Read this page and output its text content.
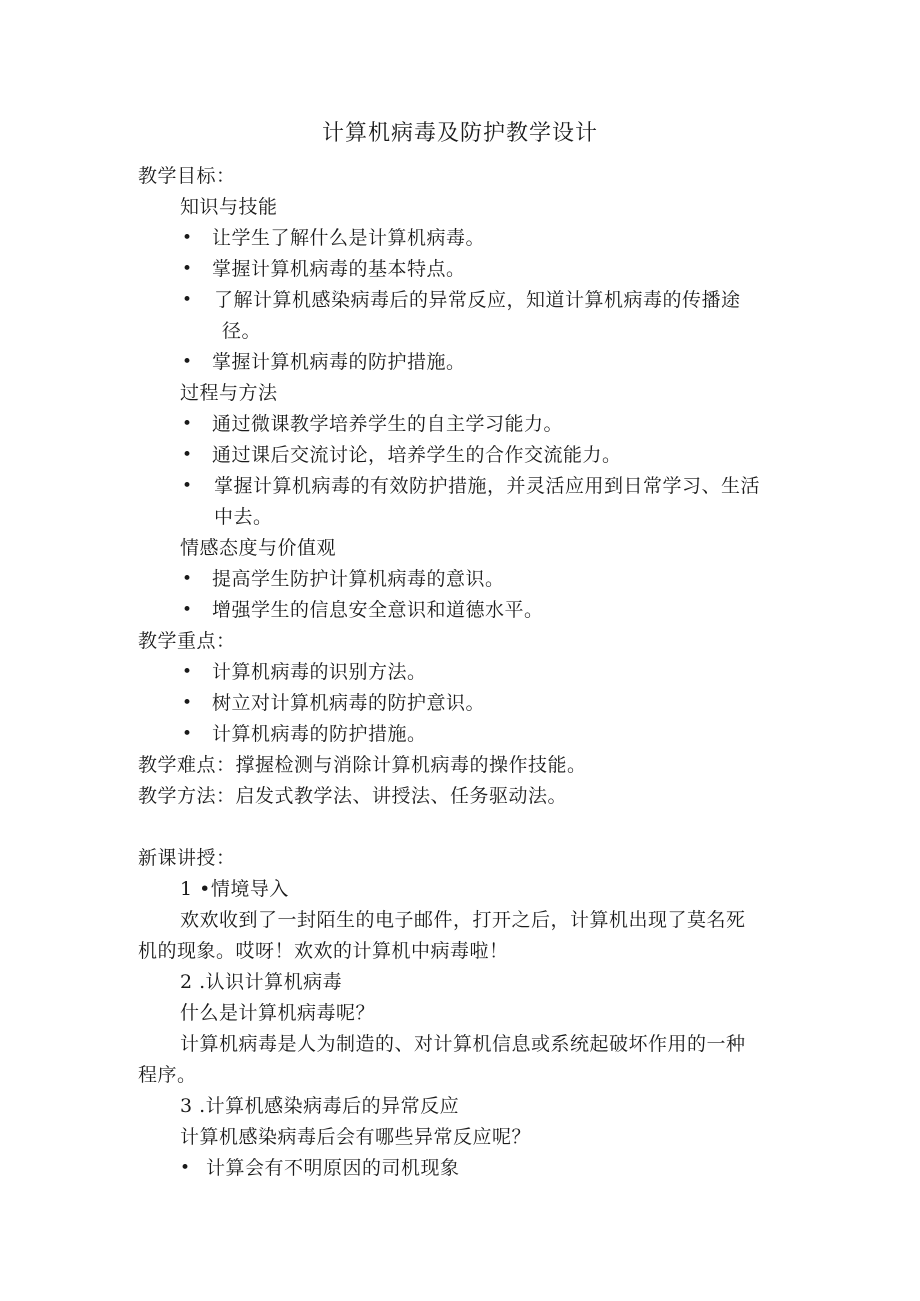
计算机病毒及防护教学设计
教学目标：
知识与技能
• 让学生了解什么是计算机病毒。
• 掌握计算机病毒的基本特点。
• 了解计算机感染病毒后的异常反应，知道计算机病毒的传播途
径。
• 掌握计算机病毒的防护措施。
过程与方法
• 通过微课教学培养学生的自主学习能力。
• 通过课后交流讨论，培养学生的合作交流能力。
• 掌握计算机病毒的有效防护措施，并灵活应用到日常学习、生活
中去。
情感态度与价值观
• 提高学生防护计算机病毒的意识。
• 增强学生的信息安全意识和道德水平。
教学重点：
• 计算机病毒的识别方法。
• 树立对计算机病毒的防护意识。
• 计算机病毒的防护措施。
教学难点：撑握检测与消除计算机病毒的操作技能。
教学方法：启发式教学法、讲授法、任务驱动法。
新课讲授：
1 •情境导入
欢欢收到了一封陌生的电子邮件，打开之后，计算机出现了莫名死
机的现象。哎呀！欢欢的计算机中病毒啦！
2 .认识计算机病毒
什么是计算机病毒呢？
计算机病毒是人为制造的、对计算机信息或系统起破坏作用的一种
程序。
3 .计算机感染病毒后的异常反应
计算机感染病毒后会有哪些异常反应呢？
• 计算会有不明原因的司机现象
